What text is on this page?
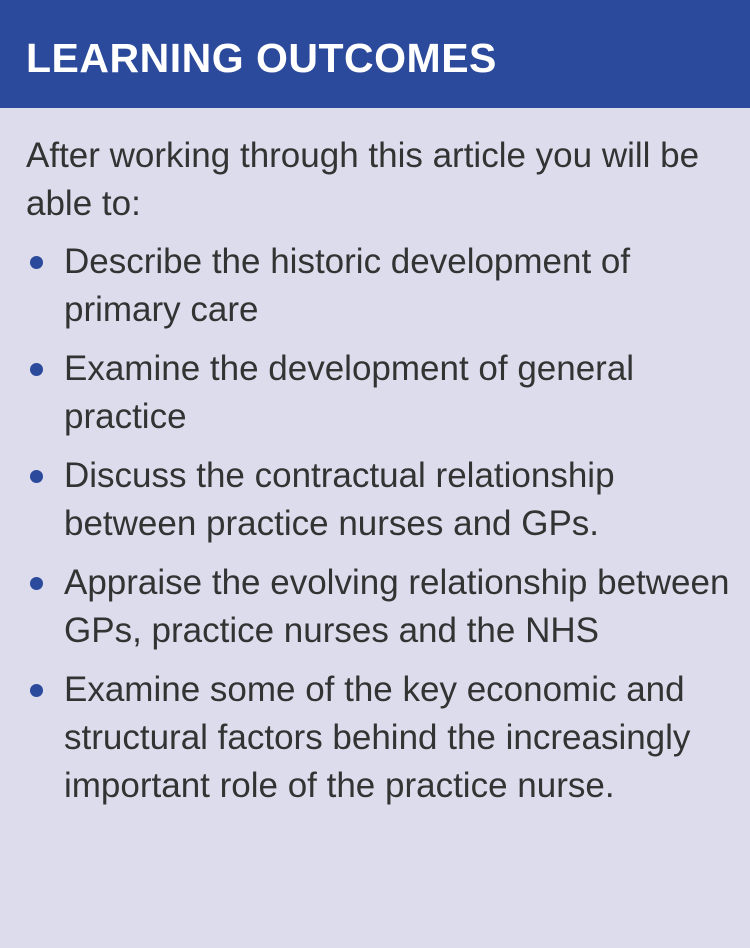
LEARNING OUTCOMES

After working through this article you will be able to:

Describe the historic development of primary care
Examine the development of general practice
Discuss the contractual relationship between practice nurses and GPs.
Appraise the evolving relationship between GPs, practice nurses and the NHS
Examine some of the key economic and structural factors behind the increasingly important role of the practice nurse.
